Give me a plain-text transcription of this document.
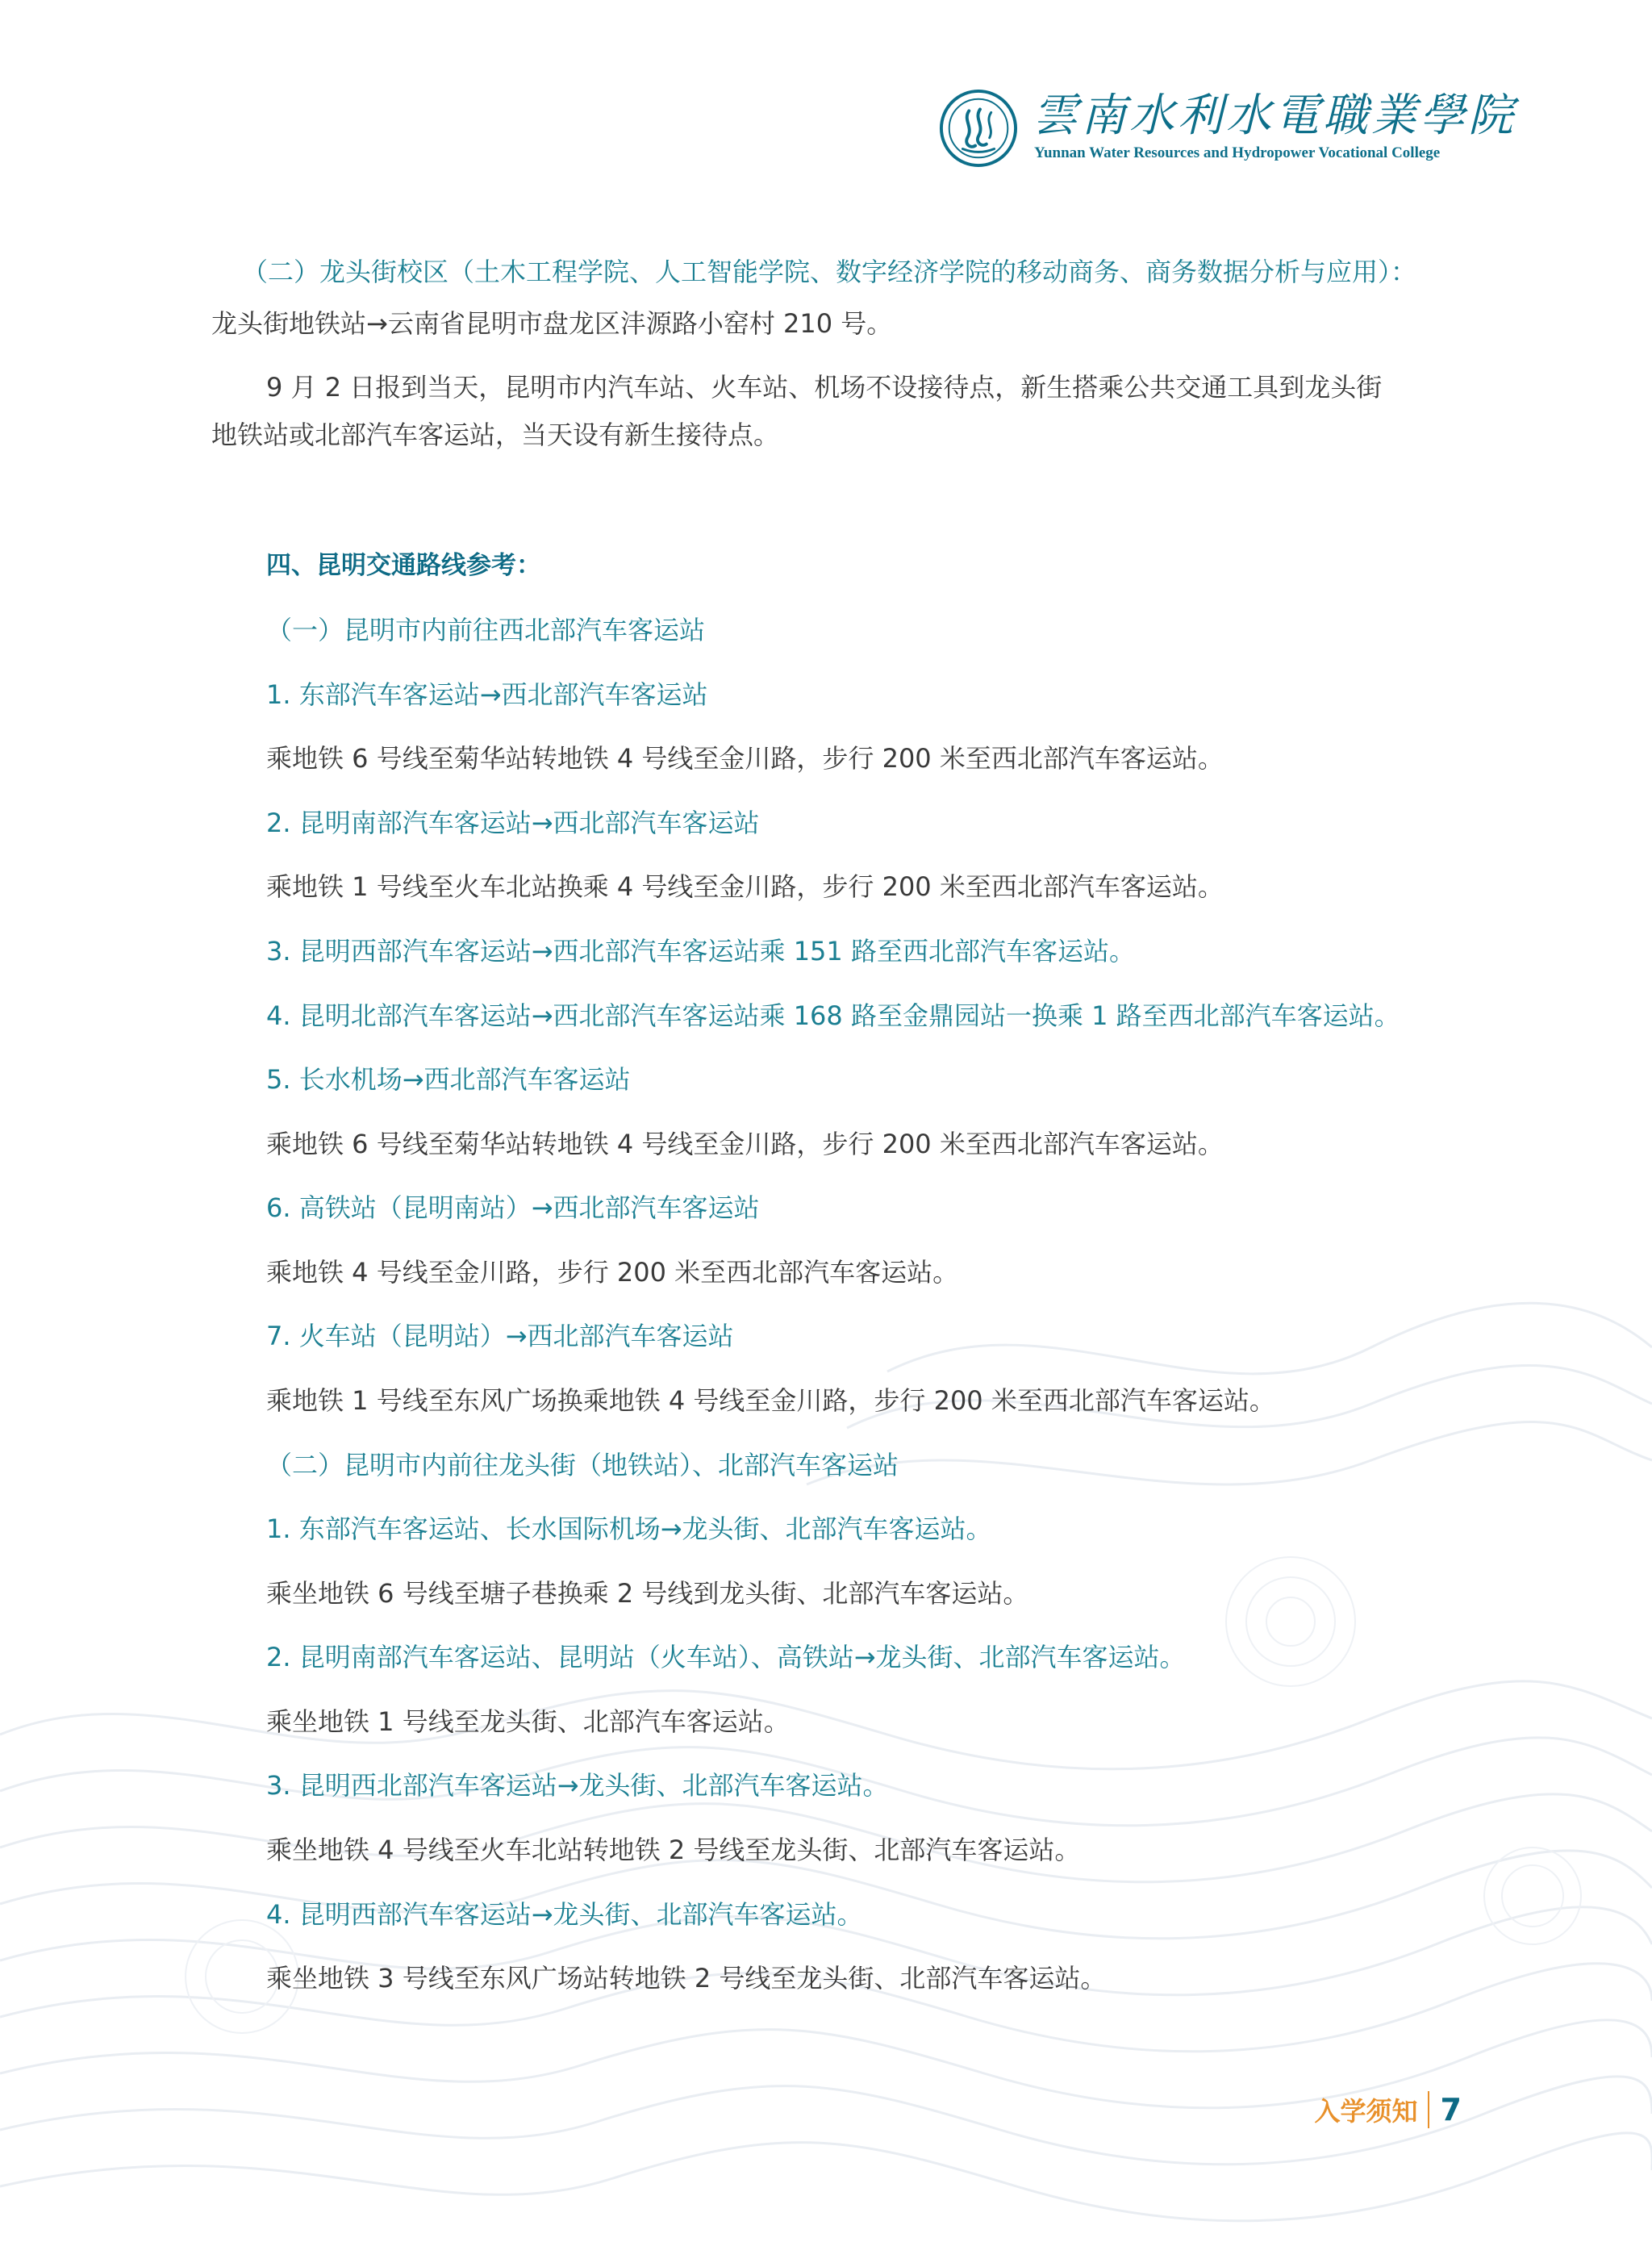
雲南水利水電職業學院
Yunnan Water Resources and Hydropower Vocational College
（二）龙头街校区（土木工程学院、人工智能学院、数字经济学院的移动商务、商务数据分析与应用）：
龙头街地铁站→云南省昆明市盘龙区沣源路小窑村 210 号。
9 月 2 日报到当天，昆明市内汽车站、火车站、机场不设接待点，新生搭乘公共交通工具到龙头街
地铁站或北部汽车客运站，当天设有新生接待点。
四、昆明交通路线参考：
（一）昆明市内前往西北部汽车客运站
1. 东部汽车客运站→西北部汽车客运站
乘地铁 6 号线至菊华站转地铁 4 号线至金川路，步行 200 米至西北部汽车客运站。
2. 昆明南部汽车客运站→西北部汽车客运站
乘地铁 1 号线至火车北站换乘 4 号线至金川路，步行 200 米至西北部汽车客运站。
3. 昆明西部汽车客运站→西北部汽车客运站乘 151 路至西北部汽车客运站。
4. 昆明北部汽车客运站→西北部汽车客运站乘 168 路至金鼎园站一换乘 1 路至西北部汽车客运站。
5. 长水机场→西北部汽车客运站
乘地铁 6 号线至菊华站转地铁 4 号线至金川路，步行 200 米至西北部汽车客运站。
6. 高铁站（昆明南站）→西北部汽车客运站
乘地铁 4 号线至金川路，步行 200 米至西北部汽车客运站。
7. 火车站（昆明站）→西北部汽车客运站
乘地铁 1 号线至东风广场换乘地铁 4 号线至金川路，步行 200 米至西北部汽车客运站。
（二）昆明市内前往龙头街（地铁站）、北部汽车客运站
1. 东部汽车客运站、长水国际机场→龙头街、北部汽车客运站。
乘坐地铁 6 号线至塘子巷换乘 2 号线到龙头街、北部汽车客运站。
2. 昆明南部汽车客运站、昆明站（火车站）、高铁站→龙头街、北部汽车客运站。
乘坐地铁 1 号线至龙头街、北部汽车客运站。
3. 昆明西北部汽车客运站→龙头街、北部汽车客运站。
乘坐地铁 4 号线至火车北站转地铁 2 号线至龙头街、北部汽车客运站。
4. 昆明西部汽车客运站→龙头街、北部汽车客运站。
乘坐地铁 3 号线至东风广场站转地铁 2 号线至龙头街、北部汽车客运站。
入学须知 7
